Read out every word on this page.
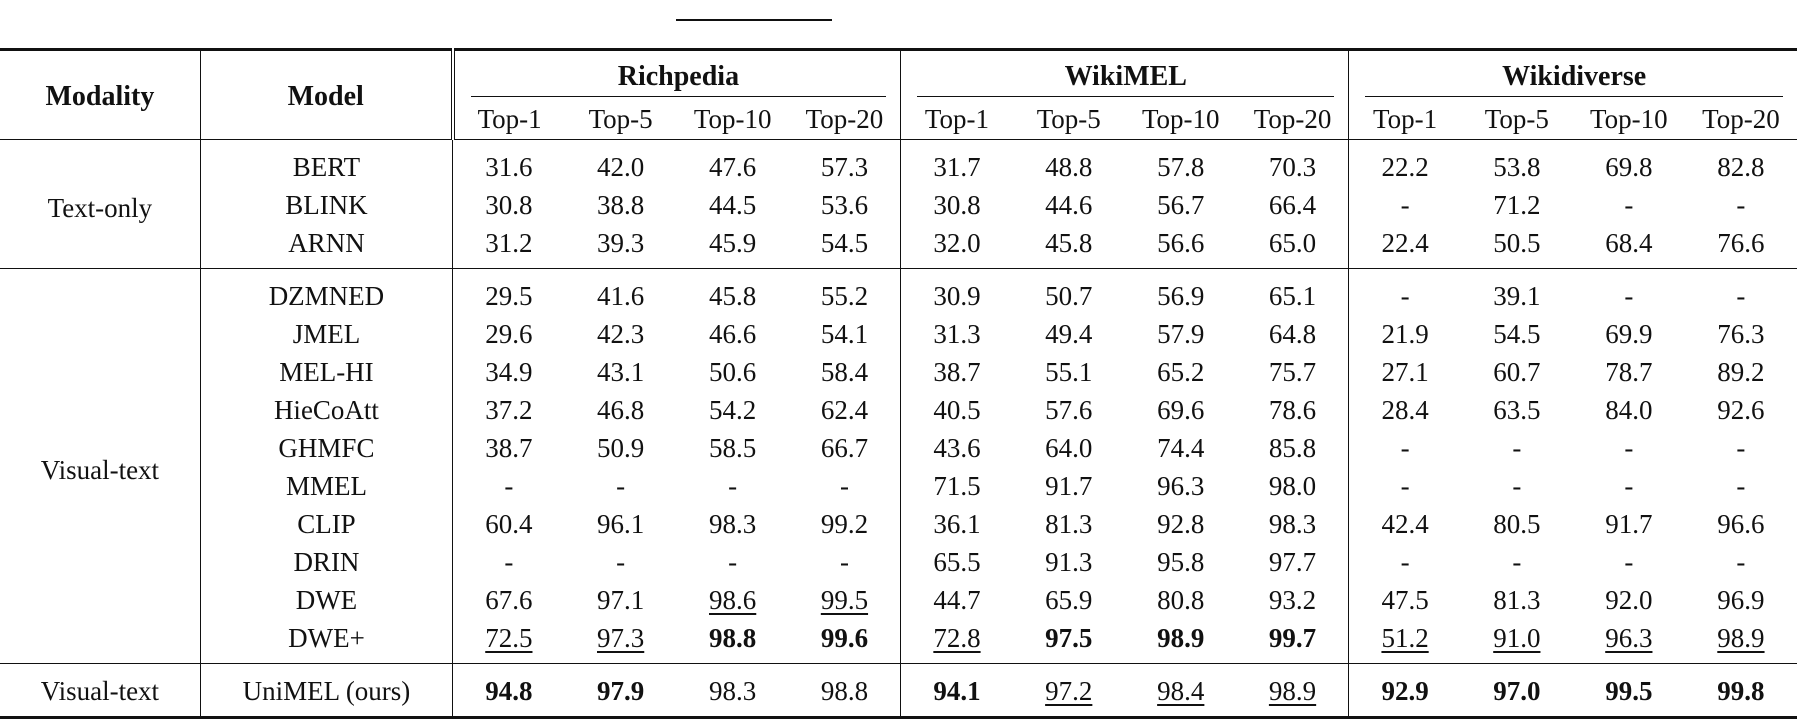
Modality	Model	Richpedia				WikiMEL				Wikidiverse			

		Top-1	Top-5	Top-10	Top-20	Top-1	Top-5	Top-10	Top-20	Top-1	Top-5	Top-10	Top-20
Text-only	BERT	31.6	42.0	47.6	57.3	31.7	48.8	57.8	70.3	22.2	53.8	69.8	82.8
	BLINK	30.8	38.8	44.5	53.6	30.8	44.6	56.7	66.4	-	71.2	-	-
	ARNN	31.2	39.3	45.9	54.5	32.0	45.8	56.6	65.0	22.4	50.5	68.4	76.6
Visual-text	DZMNED	29.5	41.6	45.8	55.2	30.9	50.7	56.9	65.1	-	39.1	-	-
	JMEL	29.6	42.3	46.6	54.1	31.3	49.4	57.9	64.8	21.9	54.5	69.9	76.3
	MEL-HI	34.9	43.1	50.6	58.4	38.7	55.1	65.2	75.7	27.1	60.7	78.7	89.2
	HieCoAtt	37.2	46.8	54.2	62.4	40.5	57.6	69.6	78.6	28.4	63.5	84.0	92.6
	GHMFC	38.7	50.9	58.5	66.7	43.6	64.0	74.4	85.8	-	-	-	-
	MMEL	-	-	-	-	71.5	91.7	96.3	98.0	-	-	-	-
	CLIP	60.4	96.1	98.3	99.2	36.1	81.3	92.8	98.3	42.4	80.5	91.7	96.6
	DRIN	-	-	-	-	65.5	91.3	95.8	97.7	-	-	-	-
	DWE	67.6	97.1	98.6	99.5	44.7	65.9	80.8	93.2	47.5	81.3	92.0	96.9
	DWE+	72.5	97.3	98.8	99.6	72.8	97.5	98.9	99.7	51.2	91.0	96.3	98.9
Visual-text	UniMEL (ours)	94.8	97.9	98.3	98.8	94.1	97.2	98.4	98.9	92.9	97.0	99.5	99.8
